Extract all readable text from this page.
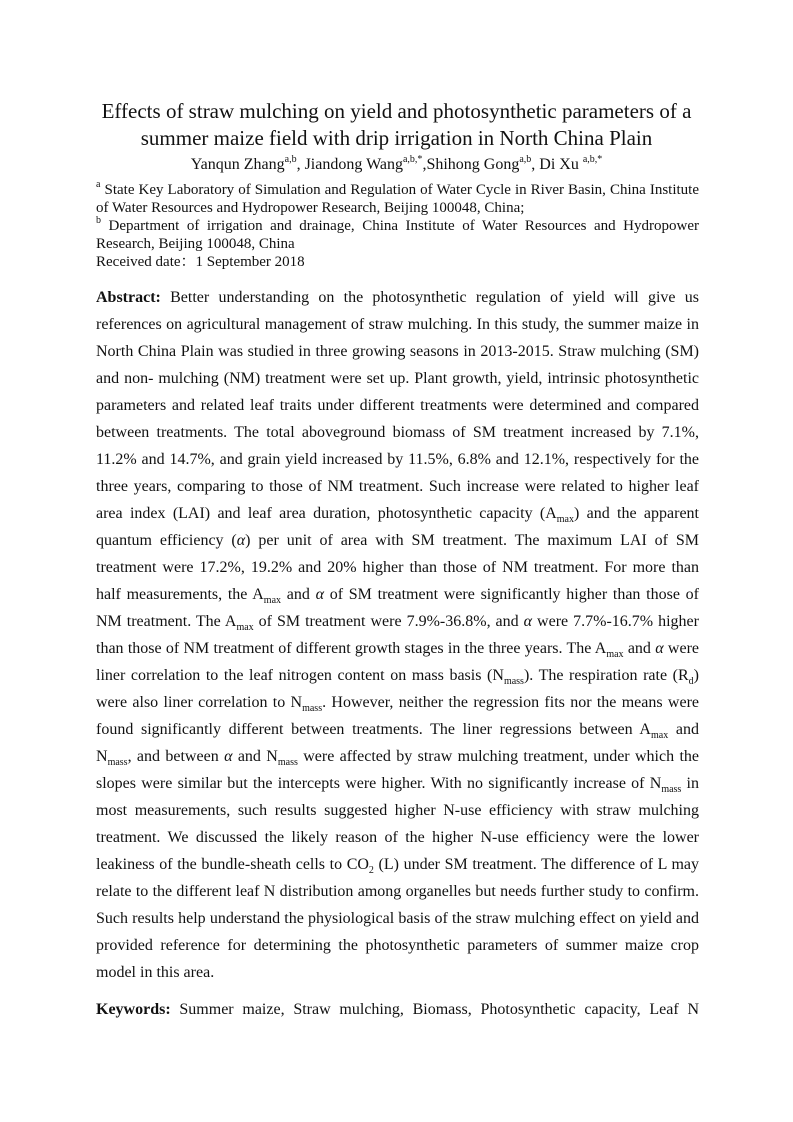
Effects of straw mulching on yield and photosynthetic parameters of a
summer maize field with drip irrigation in North China Plain
Yanqun Zhang$^{a,b}$, Jiandong Wang$^{a,b,*}$,Shihong Gong$^{a,b}$, Di Xu $^{a,b,*}$

$^a$ State Key Laboratory of Simulation and Regulation of Water Cycle in River Basin, China Institute of Water Resources and Hydropower Research, Beijing 100048, China;

$^b$ Department of irrigation and drainage, China Institute of Water Resources and Hydropower Research, Beijing 100048, China

Received date：1 September 2018

Abstract: Better understanding on the photosynthetic regulation of yield will give us references on agricultural management of straw mulching. In this study, the summer maize in North China Plain was studied in three growing seasons in 2013-2015. Straw mulching (SM) and non- mulching (NM) treatment were set up. Plant growth, yield, intrinsic photosynthetic parameters and related leaf traits under different treatments were determined and compared between treatments. The total aboveground biomass of SM treatment increased by 7.1%, 11.2% and 14.7%, and grain yield increased by 11.5%, 6.8% and 12.1%, respectively for the three years, comparing to those of NM treatment. Such increase were related to higher leaf area index (LAI) and leaf area duration, photosynthetic capacity $(A_{max})$ and the apparent quantum efficiency (α) per unit of area with SM treatment. The maximum LAI of SM treatment were 17.2%, 19.2% and 20% higher than those of NM treatment. For more than half measurements, the $A_{max}$ and α of SM treatment were significantly higher than those of NM treatment. The $A_{max}$ of SM treatment were 7.9%-36.8%, and α were 7.7%-16.7% higher than those of NM treatment of different growth stages in the three years. The $A_{max}$ and α were liner correlation to the leaf nitrogen content on mass basis $(N_{mass})$. The respiration rate $(R_d)$ were also liner correlation to $N_{mass}$. However, neither the regression fits nor the means were found significantly different between treatments. The liner regressions between $A_{max}$ and $N_{mass}$, and between α and $N_{mass}$ were affected by straw mulching treatment, under which the slopes were similar but the intercepts were higher. With no significantly increase of $N_{mass}$ in most measurements, such results suggested higher N-use efficiency with straw mulching treatment. We discussed the likely reason of the higher N-use efficiency were the lower leakiness of the bundle-sheath cells to $CO_2$ (L) under SM treatment. The difference of L may relate to the different leaf N distribution among organelles but needs further study to confirm. Such results help understand the physiological basis of the straw mulching effect on yield and provided reference for determining the photosynthetic parameters of summer maize crop model in this area.

Keywords: Summer maize, Straw mulching, Biomass, Photosynthetic capacity, Leaf N
